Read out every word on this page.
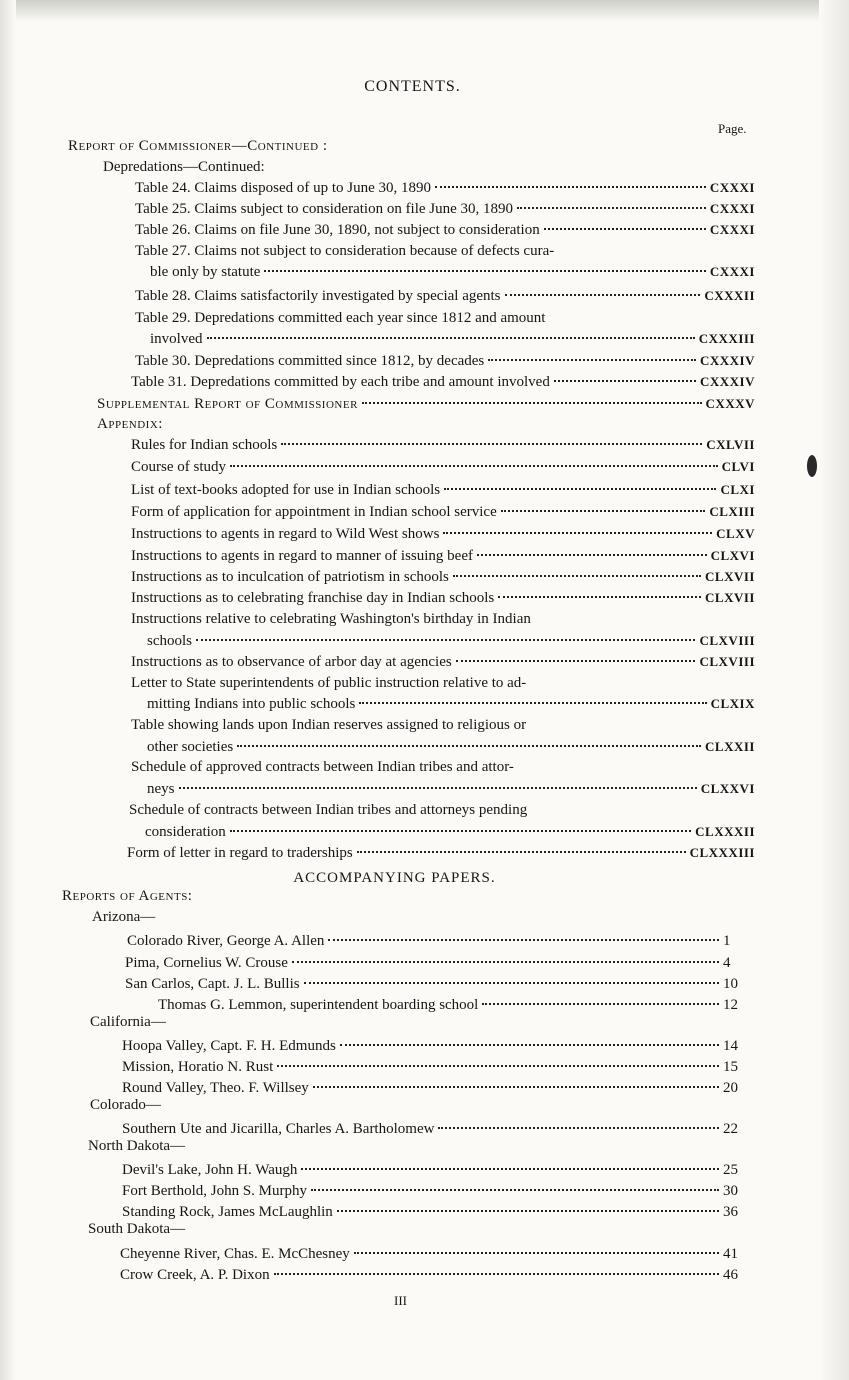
CONTENTS.
Page.
Report of Commissioner—Continued :
Depredations—Continued:
Table 24. Claims disposed of up to June 30, 1890	CXXXI
Table 25. Claims subject to consideration on file June 30, 1890	CXXXI
Table 26. Claims on file June 30, 1890, not subject to consideration	CXXXI
Table 27. Claims not subject to consideration because of defects cura-
ble only by statute	CXXXI
Table 28. Claims satisfactorily investigated by special agents	CXXXII
Table 29. Depredations committed each year since 1812 and amount
involved	CXXXIII
Table 30. Depredations committed since 1812, by decades	CXXXIV
Table 31. Depredations committed by each tribe and amount involved	CXXXIV
Supplemental Report of Commissioner	CXXXV
Appendix:
Rules for Indian schools	CXLVII
Course of study	CLVI
List of text-books adopted for use in Indian schools	CLXI
Form of application for appointment in Indian school service	CLXIII
Instructions to agents in regard to Wild West shows	CLXV
Instructions to agents in regard to manner of issuing beef	CLXVI
Instructions as to inculcation of patriotism in schools	CLXVII
Instructions as to celebrating franchise day in Indian schools	CLXVII
Instructions relative to celebrating Washington's birthday in Indian
schools	CLXVIII
Instructions as to observance of arbor day at agencies	CLXVIII
Letter to State superintendents of public instruction relative to ad-
mitting Indians into public schools	CLXIX
Table showing lands upon Indian reserves assigned to religious or
other societies	CLXXII
Schedule of approved contracts between Indian tribes and attor-
neys	CLXXVI
Schedule of contracts between Indian tribes and attorneys pending
consideration	CLXXXII
Form of letter in regard to traderships	CLXXXIII
ACCOMPANYING PAPERS.
Reports of Agents:
Arizona—
Colorado River, George A. Allen	1
Pima, Cornelius W. Crouse	4
San Carlos, Capt. J. L. Bullis	10
Thomas G. Lemmon, superintendent boarding school	12
California—
Hoopa Valley, Capt. F. H. Edmunds	14
Mission, Horatio N. Rust	15
Round Valley, Theo. F. Willsey	20
Colorado—
Southern Ute and Jicarilla, Charles A. Bartholomew	22
North Dakota—
Devil's Lake, John H. Waugh	25
Fort Berthold, John S. Murphy	30
Standing Rock, James McLaughlin	36
South Dakota—
Cheyenne River, Chas. E. McChesney	41
Crow Creek, A. P. Dixon	46
III
